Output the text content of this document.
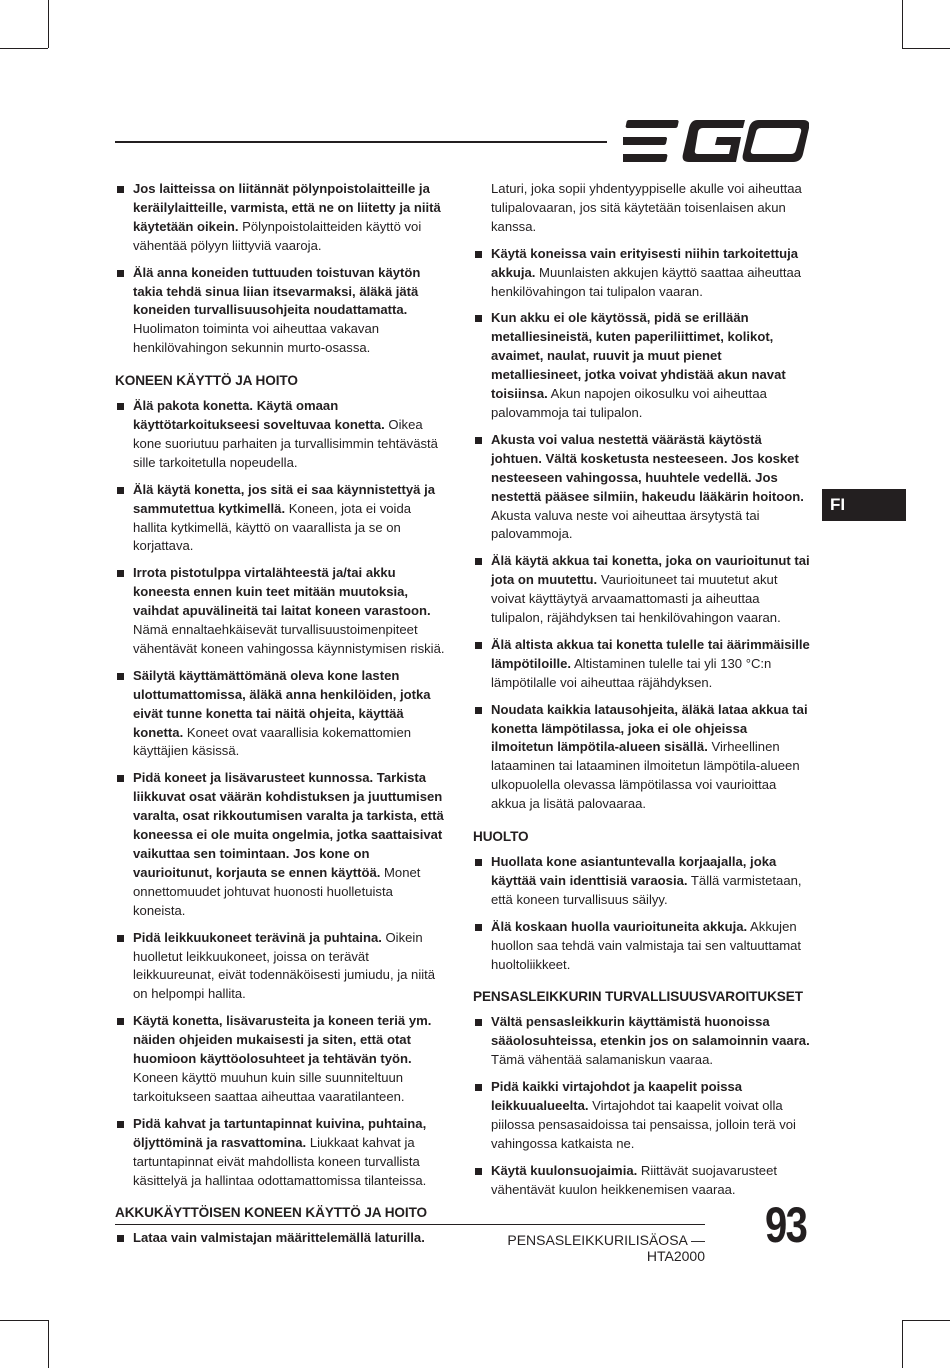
Jos laitteissa on liitännät pölynpoistolaitteille ja keräilylaitteille, varmista, että ne on liitetty ja niitä käytetään oikein. Pölynpoistolaitteiden käyttö voi vähentää pölyyn liittyviä vaaroja.
Älä anna koneiden tuttuuden toistuvan käytön takia tehdä sinua liian itsevarmaksi, äläkä jätä koneiden turvallisuusohjeita noudattamatta. Huolimaton toiminta voi aiheuttaa vakavan henkilövahingon sekunnin murto-osassa.
KONEEN KÄYTTÖ JA HOITO
Älä pakota konetta. Käytä omaan käyttötarkoitukseesi soveltuvaa konetta. Oikea kone suoriutuu parhaiten ja turvallisimmin tehtävästä sille tarkoitetulla nopeudella.
Älä käytä konetta, jos sitä ei saa käynnistettyä ja sammutettua kytkimellä. Koneen, jota ei voida hallita kytkimellä, käyttö on vaarallista ja se on korjattava.
Irrota pistotulppa virtalähteestä ja/tai akku koneesta ennen kuin teet mitään muutoksia, vaihdat apuvälineitä tai laitat koneen varastoon. Nämä ennaltaehkäisevät turvallisuustoimenpiteet vähentävät koneen vahingossa käynnistymisen riskiä.
Säilytä käyttämättömänä oleva kone lasten ulottumattomissa, äläkä anna henkilöiden, jotka eivät tunne konetta tai näitä ohjeita, käyttää konetta. Koneet ovat vaarallisia kokemattomien käyttäjien käsissä.
Pidä koneet ja lisävarusteet kunnossa. Tarkista liikkuvat osat väärän kohdistuksen ja juuttumisen varalta, osat rikkoutumisen varalta ja tarkista, että koneessa ei ole muita ongelmia, jotka saattaisivat vaikuttaa sen toimintaan. Jos kone on vaurioitunut, korjauta se ennen käyttöä. Monet onnettomuudet johtuvat huonosti huolletuista koneista.
Pidä leikkuukoneet terävinä ja puhtaina. Oikein huolletut leikkuukoneet, joissa on terävät leikkuureunat, eivät todennäköisesti jumiudu, ja niitä on helpompi hallita.
Käytä konetta, lisävarusteita ja koneen teriä ym. näiden ohjeiden mukaisesti ja siten, että otat huomioon käyttöolosuhteet ja tehtävän työn. Koneen käyttö muuhun kuin sille suunniteltuun tarkoitukseen saattaa aiheuttaa vaaratilanteen.
Pidä kahvat ja tartuntapinnat kuivina, puhtaina, öljyttöminä ja rasvattomina. Liukkaat kahvat ja tartuntapinnat eivät mahdollista koneen turvallista käsittelyä ja hallintaa odottamattomissa tilanteissa.
AKKUKÄYTTÖISEN KONEEN KÄYTTÖ JA HOITO
Lataa vain valmistajan määrittelemällä laturilla.
Laturi, joka sopii yhdentyyppiselle akulle voi aiheuttaa tulipalovaaran, jos sitä käytetään toisenlaisen akun kanssa.
Käytä koneissa vain erityisesti niihin tarkoitettuja akkuja. Muunlaisten akkujen käyttö saattaa aiheuttaa henkilövahingon tai tulipalon vaaran.
Kun akku ei ole käytössä, pidä se erillään metalliesineistä, kuten paperiliittimet, kolikot, avaimet, naulat, ruuvit ja muut pienet metalliesineet, jotka voivat yhdistää akun navat toisiinsa. Akun napojen oikosulku voi aiheuttaa palovammoja tai tulipalon.
Akusta voi valua nestettä väärästä käytöstä johtuen. Vältä kosketusta nesteeseen. Jos kosket nesteeseen vahingossa, huuhtele vedellä. Jos nestettä pääsee silmiin, hakeudu lääkärin hoitoon. Akusta valuva neste voi aiheuttaa ärsytystä tai palovammoja.
Älä käytä akkua tai konetta, joka on vaurioitunut tai jota on muutettu. Vaurioituneet tai muutetut akut voivat käyttäytyä arvaamattomasti ja aiheuttaa tulipalon, räjähdyksen tai henkilövahingon vaaran.
Älä altista akkua tai konetta tulelle tai äärimmäisille lämpötiloille. Altistaminen tulelle tai yli 130 °C:n lämpötilalle voi aiheuttaa räjähdyksen.
Noudata kaikkia latausohjeita, äläkä lataa akkua tai konetta lämpötilassa, joka ei ole ohjeissa ilmoitetun lämpötila-alueen sisällä. Virheellinen lataaminen tai lataaminen ilmoitetun lämpötila-alueen ulkopuolella olevassa lämpötilassa voi vaurioittaa akkua ja lisätä palovaaraa.
HUOLTO
Huollata kone asiantuntevalla korjaajalla, joka käyttää vain identtisiä varaosia. Tällä varmistetaan, että koneen turvallisuus säilyy.
Älä koskaan huolla vaurioituneita akkuja. Akkujen huollon saa tehdä vain valmistaja tai sen valtuuttamat huoltoliikkeet.
PENSASLEIKKURIN TURVALLISUUSVAROITUKSET
Vältä pensasleikkurin käyttämistä huonoissa sääolosuhteissa, etenkin jos on salamoinnin vaara. Tämä vähentää salamaniskun vaaraa.
Pidä kaikki virtajohdot ja kaapelit poissa leikkuualueelta. Virtajohdot tai kaapelit voivat olla piilossa pensasaidoissa tai pensaissa, jolloin terä voi vahingossa katkaista ne.
Käytä kuulonsuojaimia. Riittävät suojavarusteet vähentävät kuulon heikkenemisen vaaraa.
FI
PENSASLEIKKURILISÄOSA — HTA2000
93
